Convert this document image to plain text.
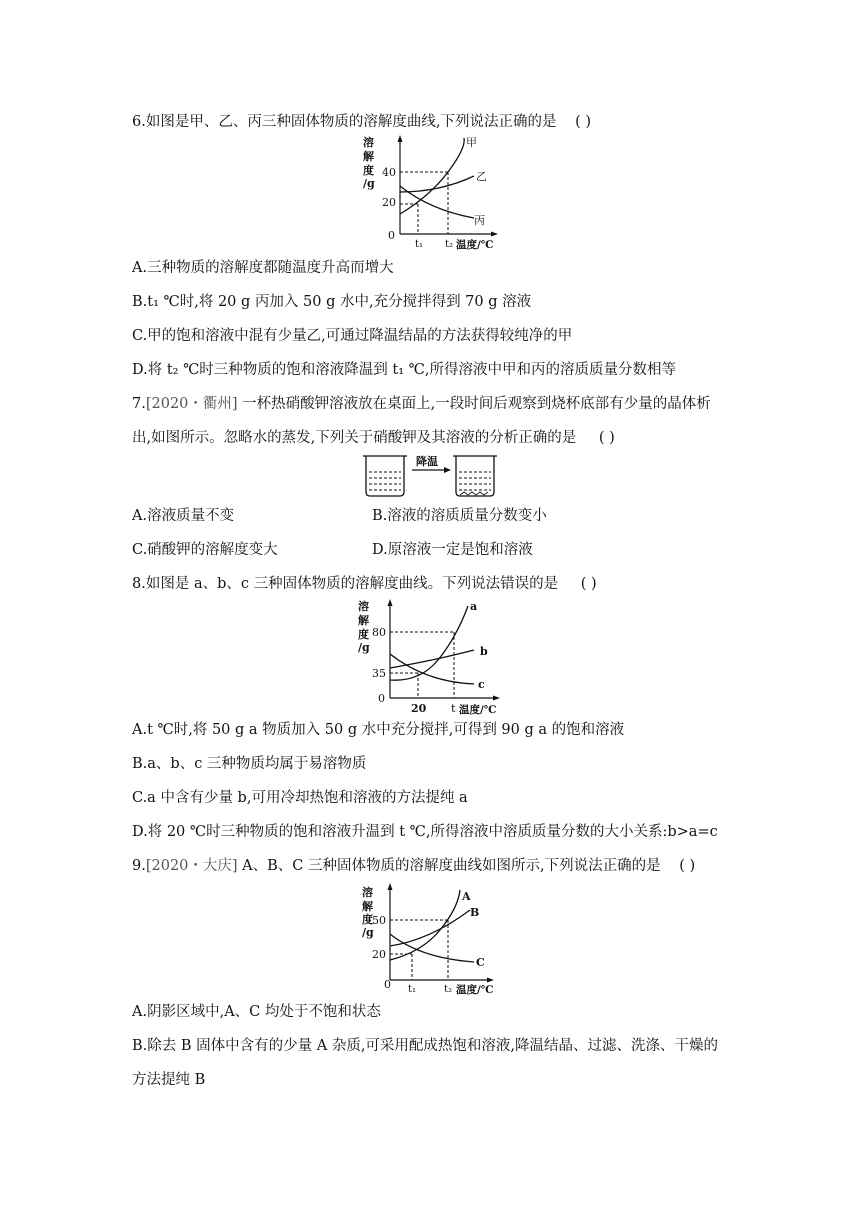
6.如图是甲、乙、丙三种固体物质的溶解度曲线,下列说法正确的是 ( )
溶
解
度
/g
40
20
0
甲
乙
丙
t₁ t₂ 温度/℃
A.三种物质的溶解度都随温度升高而增大
B.t₁ ℃时,将 20 g 丙加入 50 g 水中,充分搅拌得到 70 g 溶液
C.甲的饱和溶液中混有少量乙,可通过降温结晶的方法获得较纯净的甲
D.将 t₂ ℃时三种物质的饱和溶液降温到 t₁ ℃,所得溶液中甲和丙的溶质质量分数相等
7.[2020・衢州] 一杯热硝酸钾溶液放在桌面上,一段时间后观察到烧杯底部有少量的晶体析
出,如图所示。忽略水的蒸发,下列关于硝酸钾及其溶液的分析正确的是 ( )
降温
A.溶液质量不变	B.溶液的溶质质量分数变小
C.硝酸钾的溶解度变大	D.原溶液一定是饱和溶液
8.如图是 a、b、c 三种固体物质的溶解度曲线。下列说法错误的是 ( )
溶
解
度
/g
80
35
0
a
b
c
20 t 温度/℃
A.t ℃时,将 50 g a 物质加入 50 g 水中充分搅拌,可得到 90 g a 的饱和溶液
B.a、b、c 三种物质均属于易溶物质
C.a 中含有少量 b,可用冷却热饱和溶液的方法提纯 a
D.将 20 ℃时三种物质的饱和溶液升温到 t ℃,所得溶液中溶质质量分数的大小关系:b>a=c
9.[2020・大庆] A、B、C 三种固体物质的溶解度曲线如图所示,下列说法正确的是 ( )
溶
解
度
/g
50
20
0
A
B
C
t₁	t₂ 温度/℃
A.阴影区域中,A、C 均处于不饱和状态
B.除去 B 固体中含有的少量 A 杂质,可采用配成热饱和溶液,降温结晶、过滤、洗涤、干燥的
方法提纯 B
